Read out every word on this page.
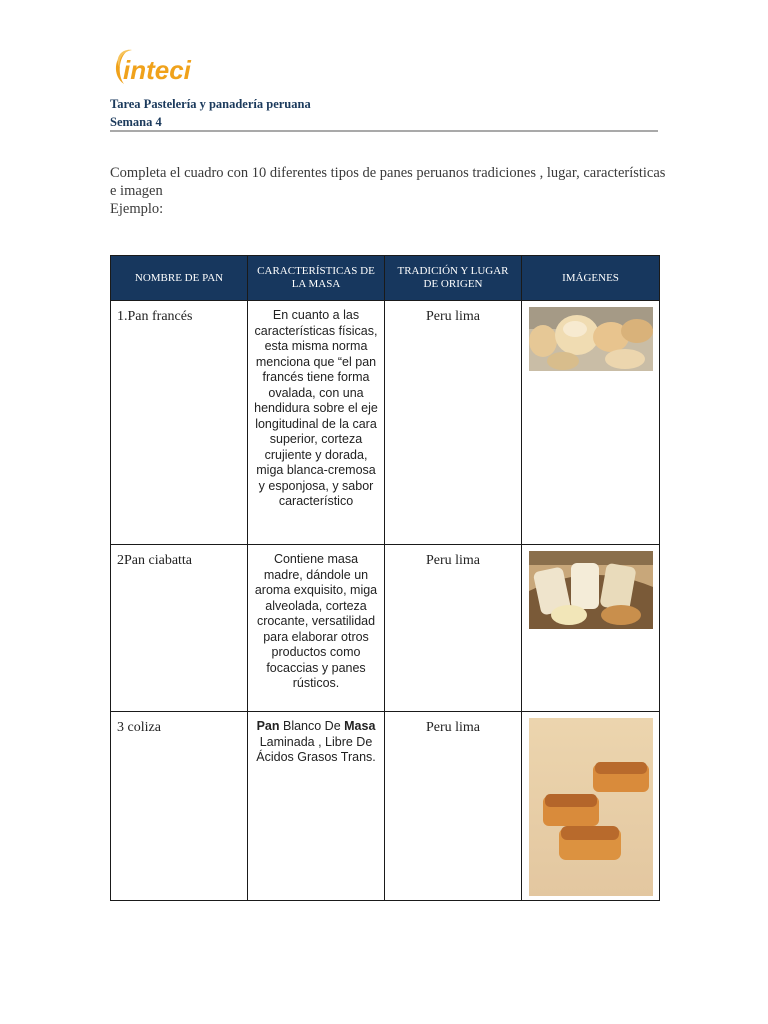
inteci
Tarea Pastelería y panadería peruana
Semana 4
Completa el cuadro con 10 diferentes tipos de panes peruanos tradiciones , lugar, características e imagen
Ejemplo:
NOMBRE DE PAN	CARACTERÍSTICAS DE LA MASA	TRADICIÓN Y LUGAR DE ORIGEN	IMÁGENES
1.Pan francés	En cuanto a las características físicas, esta misma norma menciona que “el pan francés tiene forma ovalada, con una hendidura sobre el eje longitudinal de la cara superior, corteza crujiente y dorada, miga blanca-cremosa y esponjosa, y sabor característico	Peru lima	

2Pan ciabatta	Contiene masa madre, dándole un aroma exquisito, miga alveolada, corteza crocante, versatilidad para elaborar otros productos como focaccias y panes rústicos.	Peru lima	

3 coliza	Pan Blanco De Masa Laminada , Libre De Ácidos Grasos Trans.	Peru lima	
